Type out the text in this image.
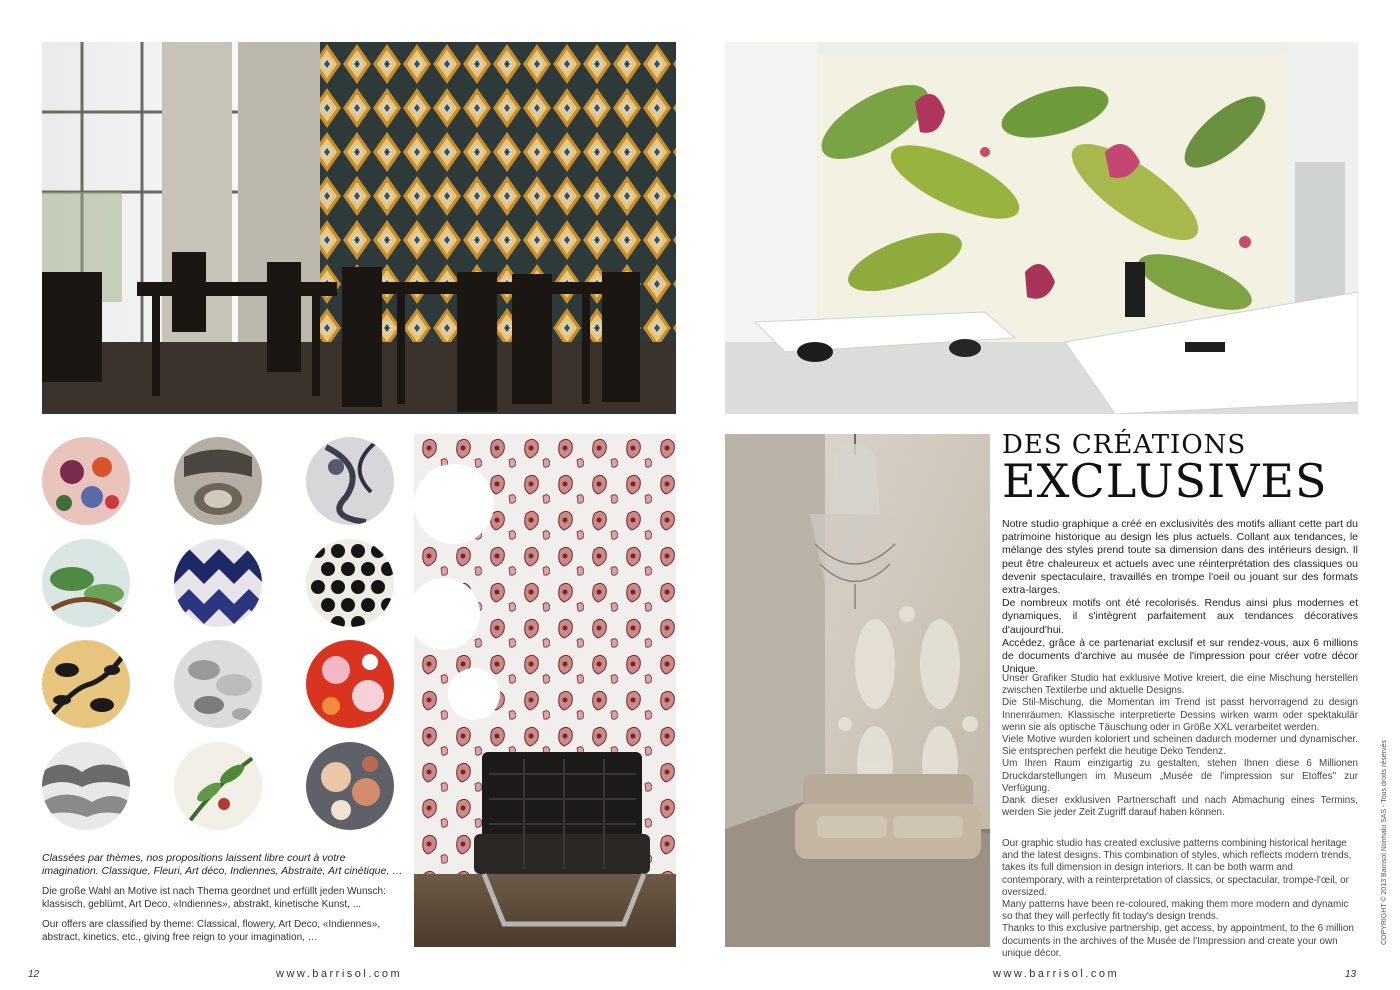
Classées par thèmes, nos propositions laissent libre court à votre imagination. Classique, Fleuri, Art déco, Indiennes, Abstraite, Art cinétique, …
Die große Wahl an Motive ist nach Thema geordnet und erfüllt jeden Wunsch: klassisch, geblümt, Art Deco, «Indiennes», abstrakt, kinetische Kunst, ...
Our offers are classified by theme: Classical, flowery, Art Deco, «Indiennes», abstract, kinetics, etc., giving free reign to your imagination, …
12	www.barrisol.com
DES CRÉATIONS
EXCLUSIVES

Notre studio graphique a créé en exclusivités des motifs alliant cette part du patrimoine historique au design les plus actuels. Collant aux tendances, le mélange des styles prend toute sa dimension dans des intérieurs design. Il peut être chaleureux et actuels avec une réinterprétation des classiques ou devenir spectaculaire, travaillés en trompe l'oeil ou jouant sur des formats extra-larges.

De nombreux motifs ont été recolorisés. Rendus ainsi plus modernes et dynamiques, il s'intègrent parfaitement aux tendances décoratives d'aujourd'hui.

Accédez, grâce à ce partenariat exclusif et sur rendez-vous, aux 6 millions de documents d'archive au musée de l'impression pour créer votre décor Unique.

Unser Grafiker Studio hat exklusive Motive kreiert, die eine Mischung herstellen zwischen Textilerbe und aktuelle Designs.

Die Stil-Mischung, die Momentan im Trend ist passt hervorragend zu design Innenräumen. Klassische interpretierte Dessins wirken warm oder spektakulär wenn sie als optische Täuschung oder in Größe XXL verarbeitet werden.

Viele Motive wurden koloriert und scheinen dadurch moderner und dynamischer. Sie entsprechen perfekt die heutige Deko Tendenz.

Um Ihren Raum einzigartig zu gestalten, stehen Ihnen diese 6 Millionen Druckdarstellungen im Museum „Musée de l'impression sur Etoffes" zur Verfügung.

Dank dieser exklusiven Partnerschaft und nach Abmachung eines Termins, werden Sie jeder Zeit Zugriff darauf haben können.

Our graphic studio has created exclusive patterns combining historical heritage and the latest designs. This combination of styles, which reflects modern trends, takes its full dimension in design interiors. It can be both warm and contemporary, with a reinterpretation of classics, or spectacular, trompe-l'œil, or oversized.

Many patterns have been re-coloured, making them more modern and dynamic so that they will perfectly fit today's design trends.

Thanks to this exclusive partnership, get access, by appointment, to the 6 million documents in the archives of the Musée de l'Impression and create your own unique décor.

COPYRIGHT © 2013 Barrisol Normalu SAS - Tous droits réservés
www.barrisol.com	13
